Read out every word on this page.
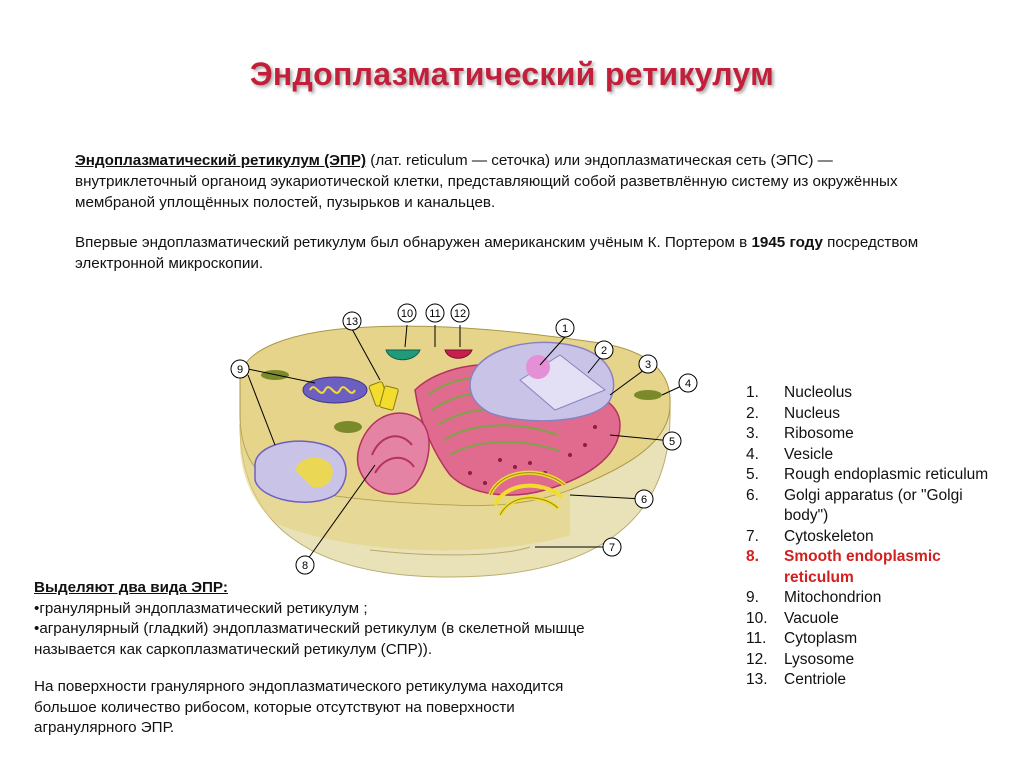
Эндоплазматический ретикулум

Эндоплазматический ретикулум (ЭПР) (лат. reticulum — сеточка) или эндоплазматическая сеть (ЭПС) — внутриклеточный органоид эукариотической клетки, представляющий собой разветвлённую систему из окружённых мембраной уплощённых полостей, пузырьков и канальцев.

Впервые эндоплазматический ретикулум был обнаружен американским учёным К. Портером в 1945 году посредством электронной микроскопии.

1
2
3
4
5
6
7
8
9
10 11 12
13
1.	Nucleolus
2.	Nucleus
3.	Ribosome
4.	Vesicle
5.	Rough endoplasmic reticulum
6.	Golgi apparatus (or "Golgi body")
7.	Cytoskeleton
8.	Smooth endoplasmic reticulum
9.	Mitochondrion
10.	Vacuole
11.	Cytoplasm
12.	Lysosome
13.	Centriole

Выделяют два вида ЭПР:

•гранулярный эндоплазматический ретикулум ;

•агранулярный (гладкий) эндоплазматический ретикулум (в скелетной мышце называется как саркоплазматический ретикулум (СПР)).

На поверхности гранулярного эндоплазматического ретикулума находится большое количество рибосом, которые отсутствуют на поверхности агранулярного ЭПР.
